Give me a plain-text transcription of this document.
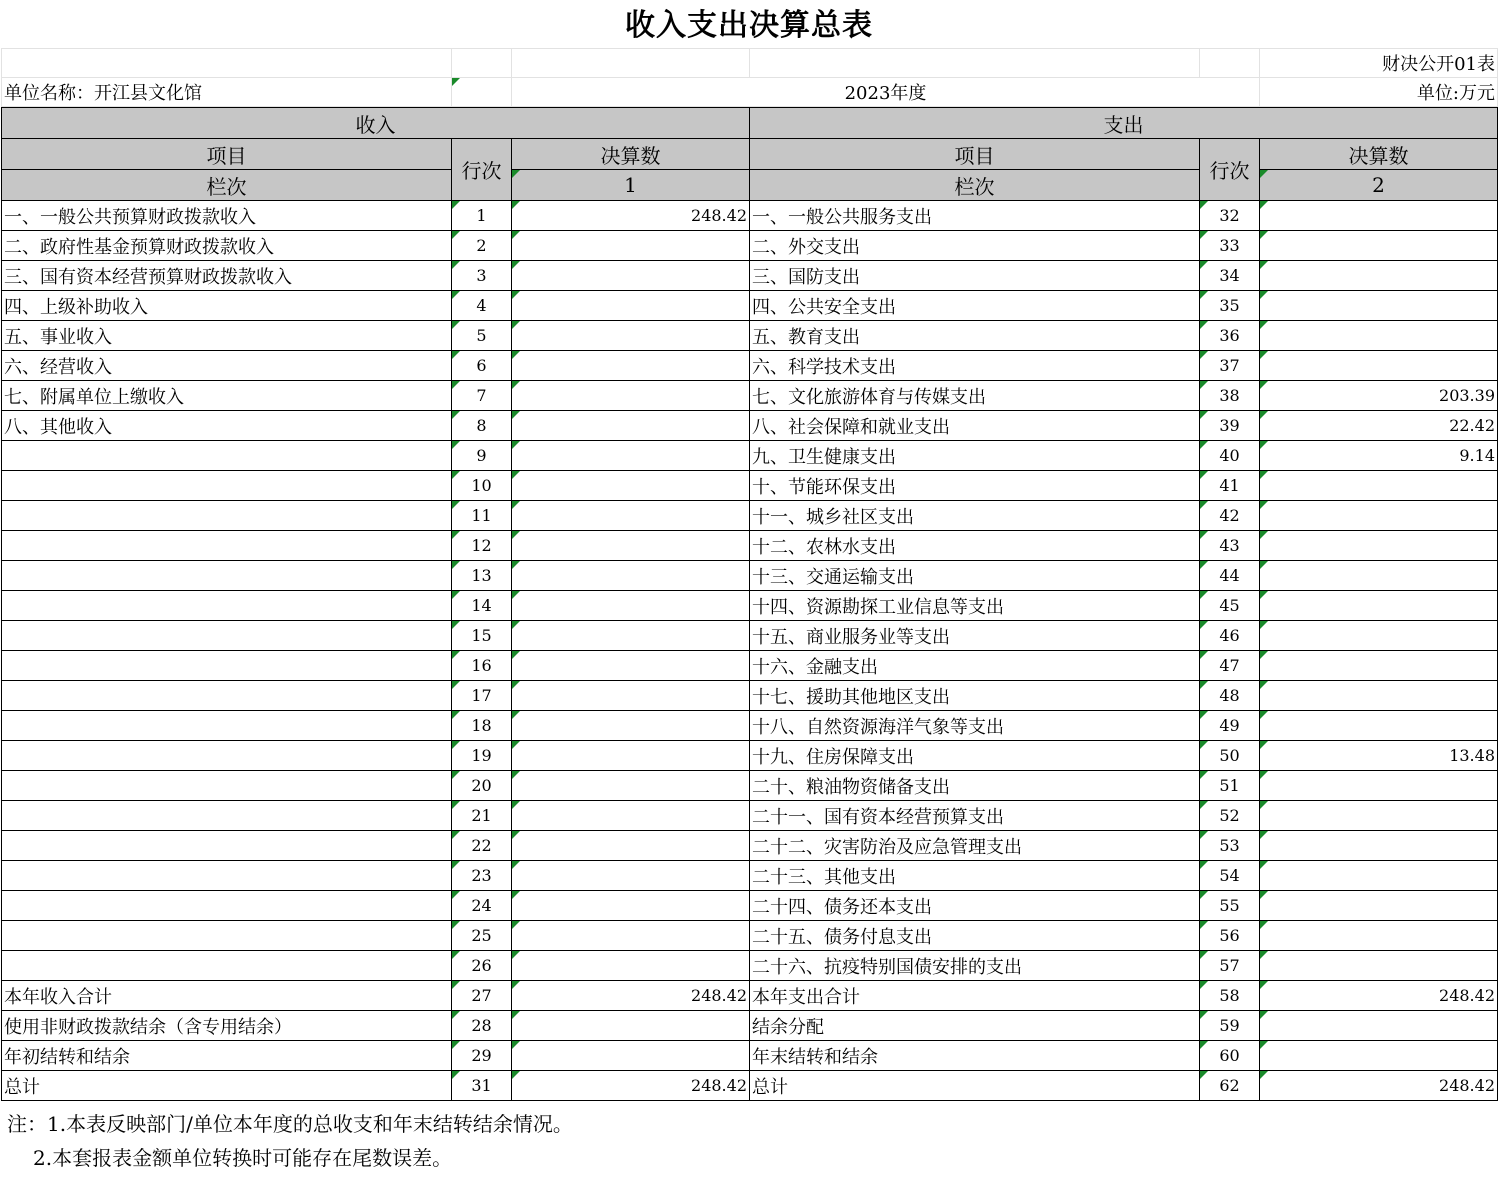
收入支出决算总表
					财决公开01表
单位名称：开江县文化馆		2023年度			单位:万元
收入			支出		
项目	行次	决算数	项目	行次	决算数
栏次		1	栏次		2
一、一般公共预算财政拨款收入	1	248.42	一、一般公共服务支出	32	
二、政府性基金预算财政拨款收入	2		二、外交支出	33	
三、国有资本经营预算财政拨款收入	3		三、国防支出	34	
四、上级补助收入	4		四、公共安全支出	35	
五、事业收入	5		五、教育支出	36	
六、经营收入	6		六、科学技术支出	37	
七、附属单位上缴收入	7		七、文化旅游体育与传媒支出	38	203.39
八、其他收入	8		八、社会保障和就业支出	39	22.42
	9		九、卫生健康支出	40	9.14
	10		十、节能环保支出	41	
	11		十一、城乡社区支出	42	
	12		十二、农林水支出	43	
	13		十三、交通运输支出	44	
	14		十四、资源勘探工业信息等支出	45	
	15		十五、商业服务业等支出	46	
	16		十六、金融支出	47	
	17		十七、援助其他地区支出	48	
	18		十八、自然资源海洋气象等支出	49	
	19		十九、住房保障支出	50	13.48
	20		二十、粮油物资储备支出	51	
	21		二十一、国有资本经营预算支出	52	
	22		二十二、灾害防治及应急管理支出	53	
	23		二十三、其他支出	54	
	24		二十四、债务还本支出	55	
	25		二十五、债务付息支出	56	
	26		二十六、抗疫特别国债安排的支出	57	
本年收入合计	27	248.42	本年支出合计	58	248.42
使用非财政拨款结余（含专用结余）	28		结余分配	59	
年初结转和结余	29		年末结转和结余	60	
总计	31	248.42	总计	62	248.42
注：1.本表反映部门/单位本年度的总收支和年末结转结余情况。
2.本套报表金额单位转换时可能存在尾数误差。
